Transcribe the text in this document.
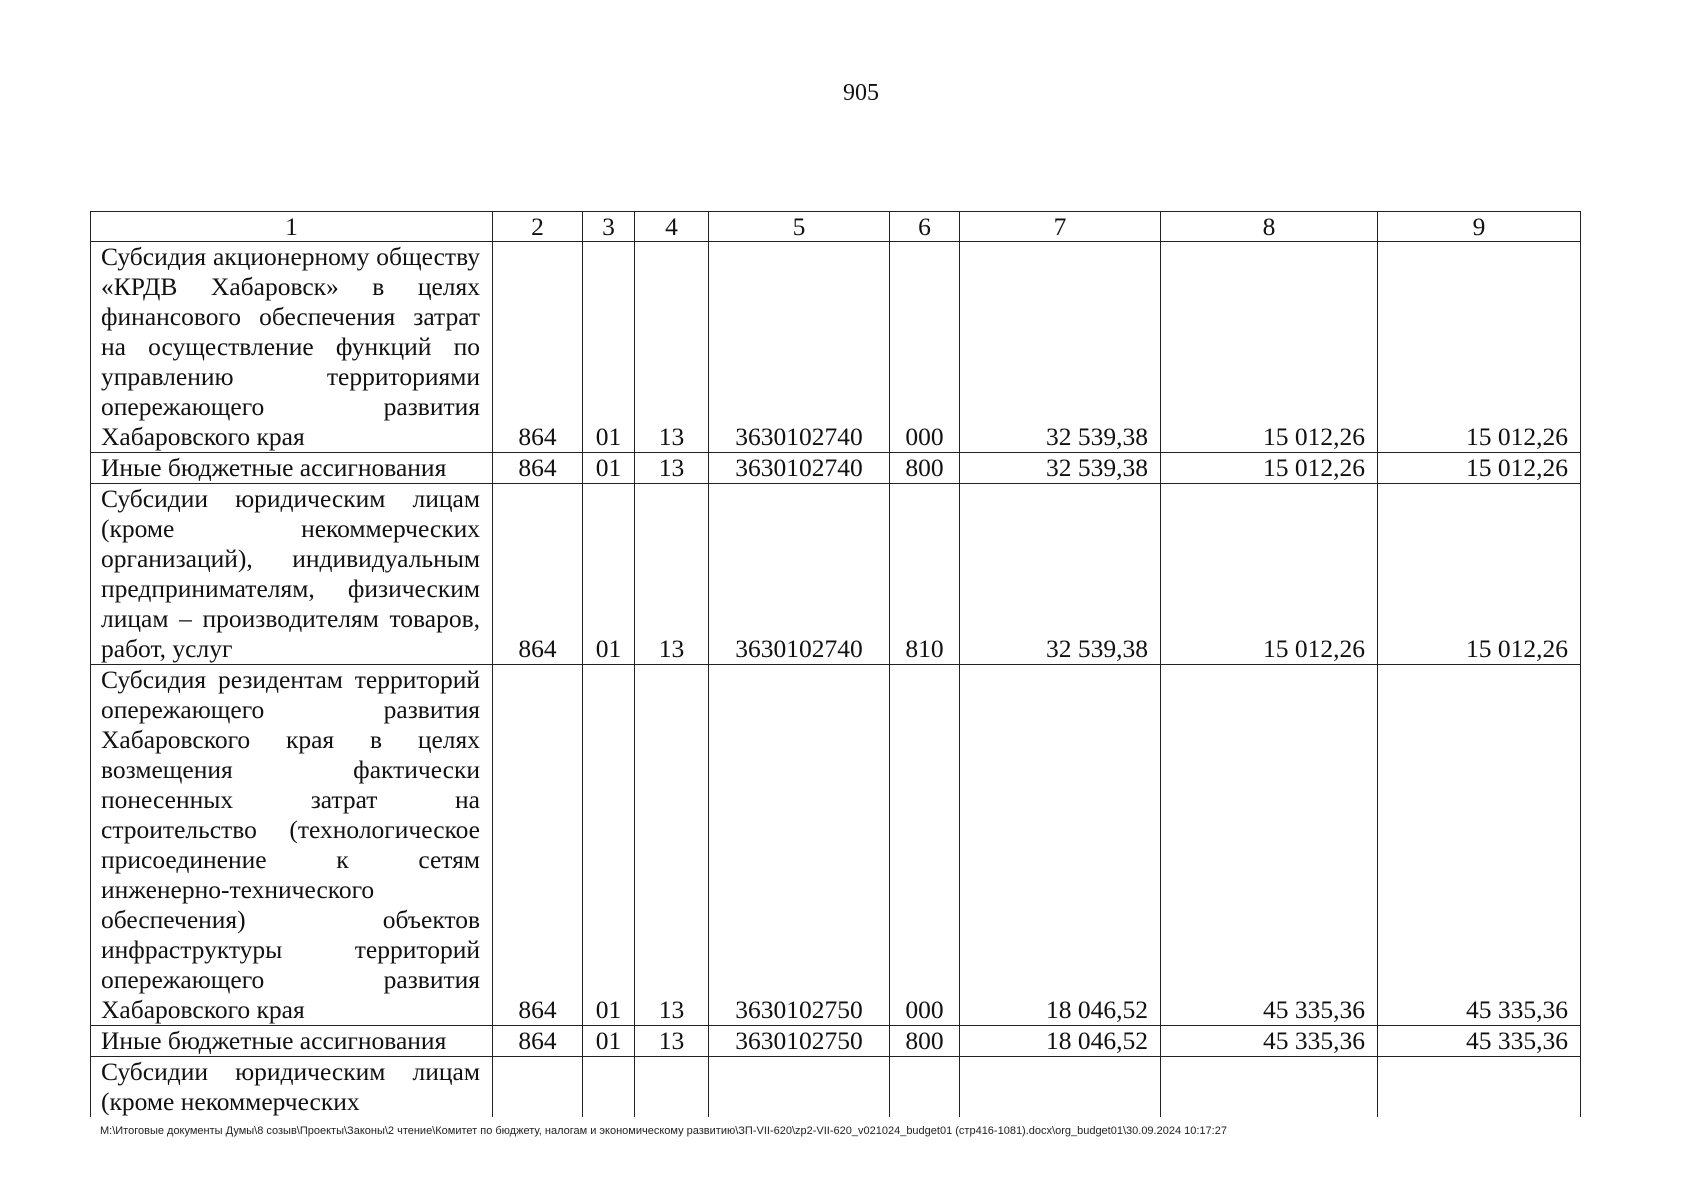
905
1	2	3	4	5	6	7	8	9
Субсидия акционерному обществу «КРДВ Хабаровск» в целях финансового обеспечения затрат на осуществление функций по управлению территориями опережающего развития Хабаровского края	864	01	13	3630102740	000	32 539,38	15 012,26	15 012,26
Иные бюджетные ассигнования	864	01	13	3630102740	800	32 539,38	15 012,26	15 012,26
Субсидии юридическим лицам (кроме некоммерческих организаций), индивидуальным предпринимателям, физическим лицам – производителям товаров, работ, услуг	864	01	13	3630102740	810	32 539,38	15 012,26	15 012,26
Субсидия резидентам территорий опережающего развития Хабаровского края в целях возмещения фактически понесенных затрат на строительство (технологическое присоединение к сетям инженерно-технического обеспечения) объектов инфраструктуры территорий опережающего развития Хабаровского края	864	01	13	3630102750	000	18 046,52	45 335,36	45 335,36
Иные бюджетные ассигнования	864	01	13	3630102750	800	18 046,52	45 335,36	45 335,36
Субсидии юридическим лицам (кроме некоммерческих								
M:\Итоговые документы Думы\8 созыв\Проекты\Законы\2 чтение\Комитет по бюджету, налогам и экономическому развитию\ЗП-VII-620\zp2-VII-620_v021024_budget01 (стр416-1081).docx\org_budget01\30.09.2024 10:17:27
